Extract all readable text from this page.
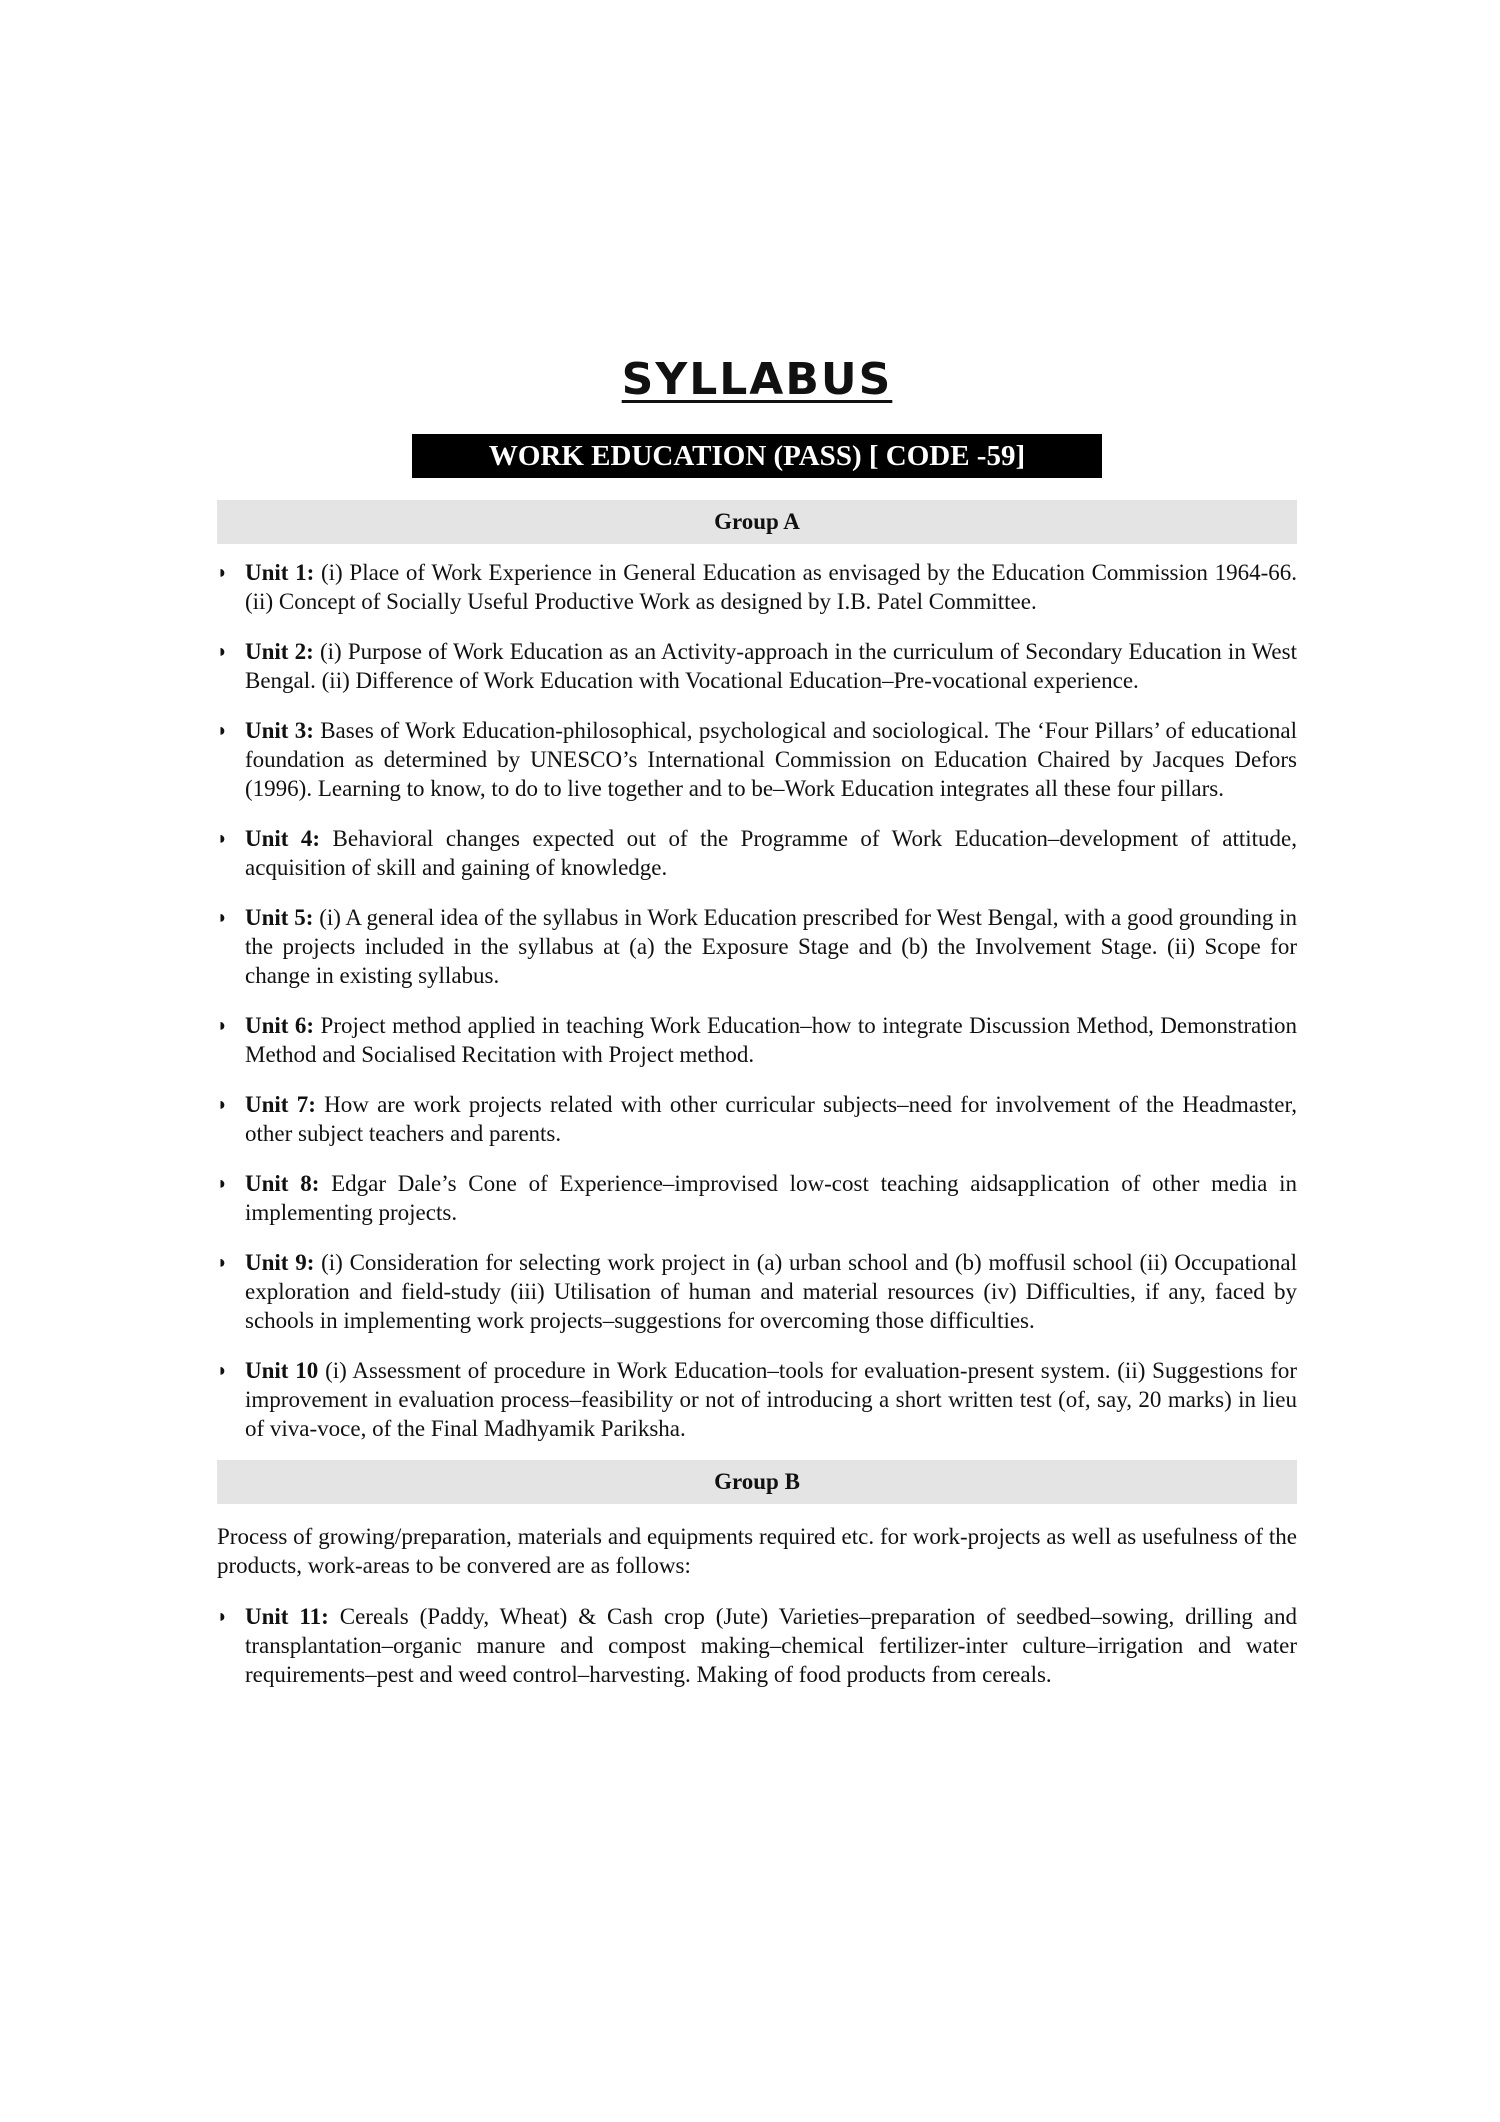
SYLLABUS
WORK EDUCATION (PASS) [ CODE -59]
Group A
◗ Unit 1: (i) Place of Work Experience in General Education as envisaged by the Education Commission 1964-66. (ii) Concept of Socially Useful Productive Work as designed by I.B. Patel Committee.
◗ Unit 2: (i) Purpose of Work Education as an Activity-approach in the curriculum of Secondary Education in West Bengal. (ii) Difference of Work Education with Vocational Education–Pre-vocational experience.
◗ Unit 3: Bases of Work Education-philosophical, psychological and sociological. The ‘Four Pillars’ of educational foundation as determined by UNESCO’s International Commission on Education Chaired by Jacques Defors (1996). Learning to know, to do to live together and to be–Work Education integrates all these four pillars.
◗ Unit 4: Behavioral changes expected out of the Programme of Work Education–development of attitude, acquisition of skill and gaining of knowledge.
◗ Unit 5: (i) A general idea of the syllabus in Work Education prescribed for West Bengal, with a good grounding in the projects included in the syllabus at (a) the Exposure Stage and (b) the Involvement Stage. (ii) Scope for change in existing syllabus.
◗ Unit 6: Project method applied in teaching Work Education–how to integrate Discussion Method, Demonstration Method and Socialised Recitation with Project method.
◗ Unit 7: How are work projects related with other curricular subjects–need for involvement of the Headmaster, other subject teachers and parents.
◗ Unit 8: Edgar Dale’s Cone of Experience–improvised low-cost teaching aidsapplication of other media in implementing projects.
◗ Unit 9: (i) Consideration for selecting work project in (a) urban school and (b) moffusil school (ii) Occupational exploration and field-study (iii) Utilisation of human and material resources (iv) Difficulties, if any, faced by schools in implementing work projects–suggestions for overcoming those difficulties.
◗ Unit 10 (i) Assessment of procedure in Work Education–tools for evaluation-present system. (ii) Suggestions for improvement in evaluation process–feasibility or not of introducing a short written test (of, say, 20 marks) in lieu of viva-voce, of the Final Madhyamik Pariksha.
Group B

Process of growing/preparation, materials and equipments required etc. for work-projects as well as usefulness of the products, work-areas to be convered are as follows:

◗ Unit 11: Cereals (Paddy, Wheat) & Cash crop (Jute) Varieties–preparation of seedbed–sowing, drilling and transplantation–organic manure and compost making–chemical fertilizer-inter culture–irrigation and water requirements–pest and weed control–harvesting. Making of food products from cereals.
